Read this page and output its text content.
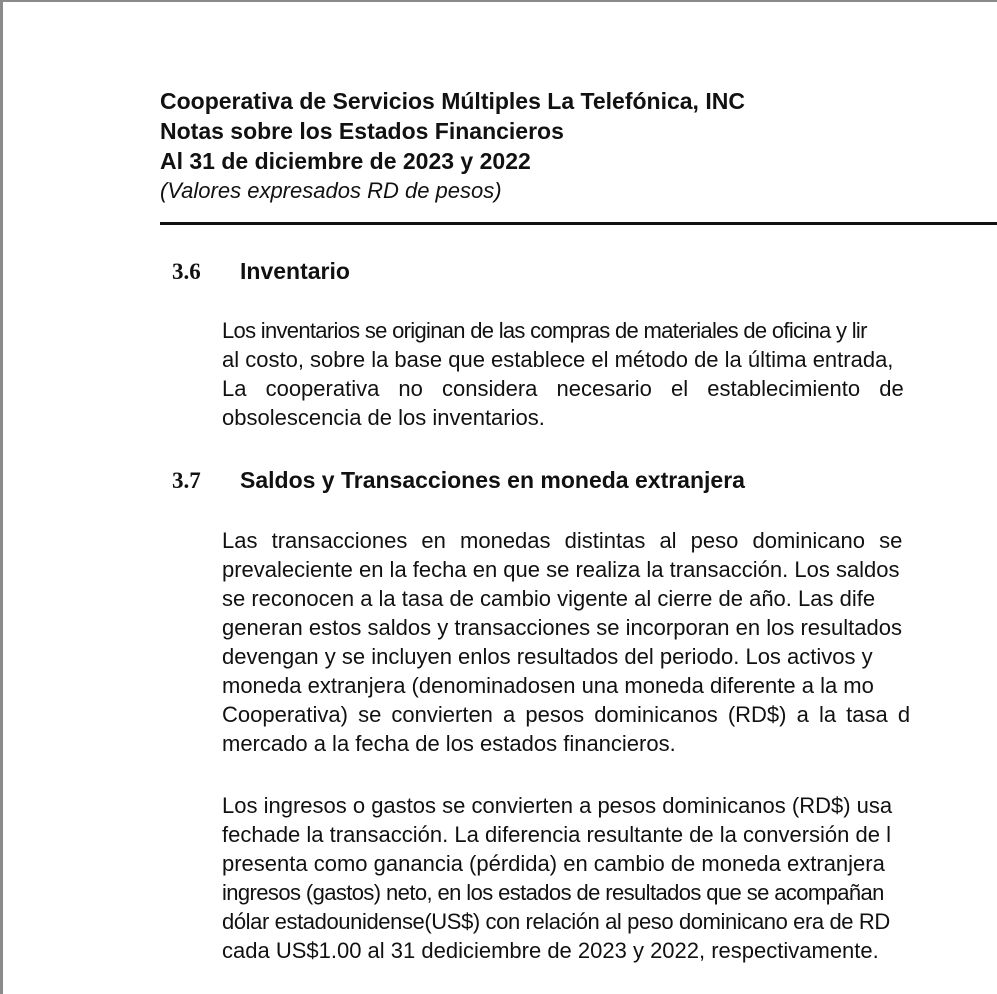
Cooperativa de Servicios Múltiples La Telefónica, INC
Notas sobre los Estados Financieros
Al 31 de diciembre de 2023 y 2022
(Valores expresados RD de pesos)
3.6 Inventario
Los inventarios se originan de las compras de materiales de oficina y lir
al costo, sobre la base que establece el método de la última entrada,
La cooperativa no considera necesario el establecimiento de
obsolescencia de los inventarios.
3.7 Saldos y Transacciones en moneda extranjera
Las transacciones en monedas distintas al peso dominicano se
prevaleciente en la fecha en que se realiza la transacción. Los saldos
se reconocen a la tasa de cambio vigente al cierre de año. Las dife
generan estos saldos y transacciones se incorporan en los resultados
devengan y se incluyen enlos resultados del periodo. Los activos y
moneda extranjera (denominadosen una moneda diferente a la mo
Cooperativa) se convierten a pesos dominicanos (RD$) a la tasa d
mercado a la fecha de los estados financieros.
Los ingresos o gastos se convierten a pesos dominicanos (RD$) usa
fechade la transacción. La diferencia resultante de la conversión de l
presenta como ganancia (pérdida) en cambio de moneda extranjera
ingresos (gastos) neto, en los estados de resultados que se acompañan
dólar estadounidense(US$) con relación al peso dominicano era de RD
cada US$1.00 al 31 dediciembre de 2023 y 2022, respectivamente.
